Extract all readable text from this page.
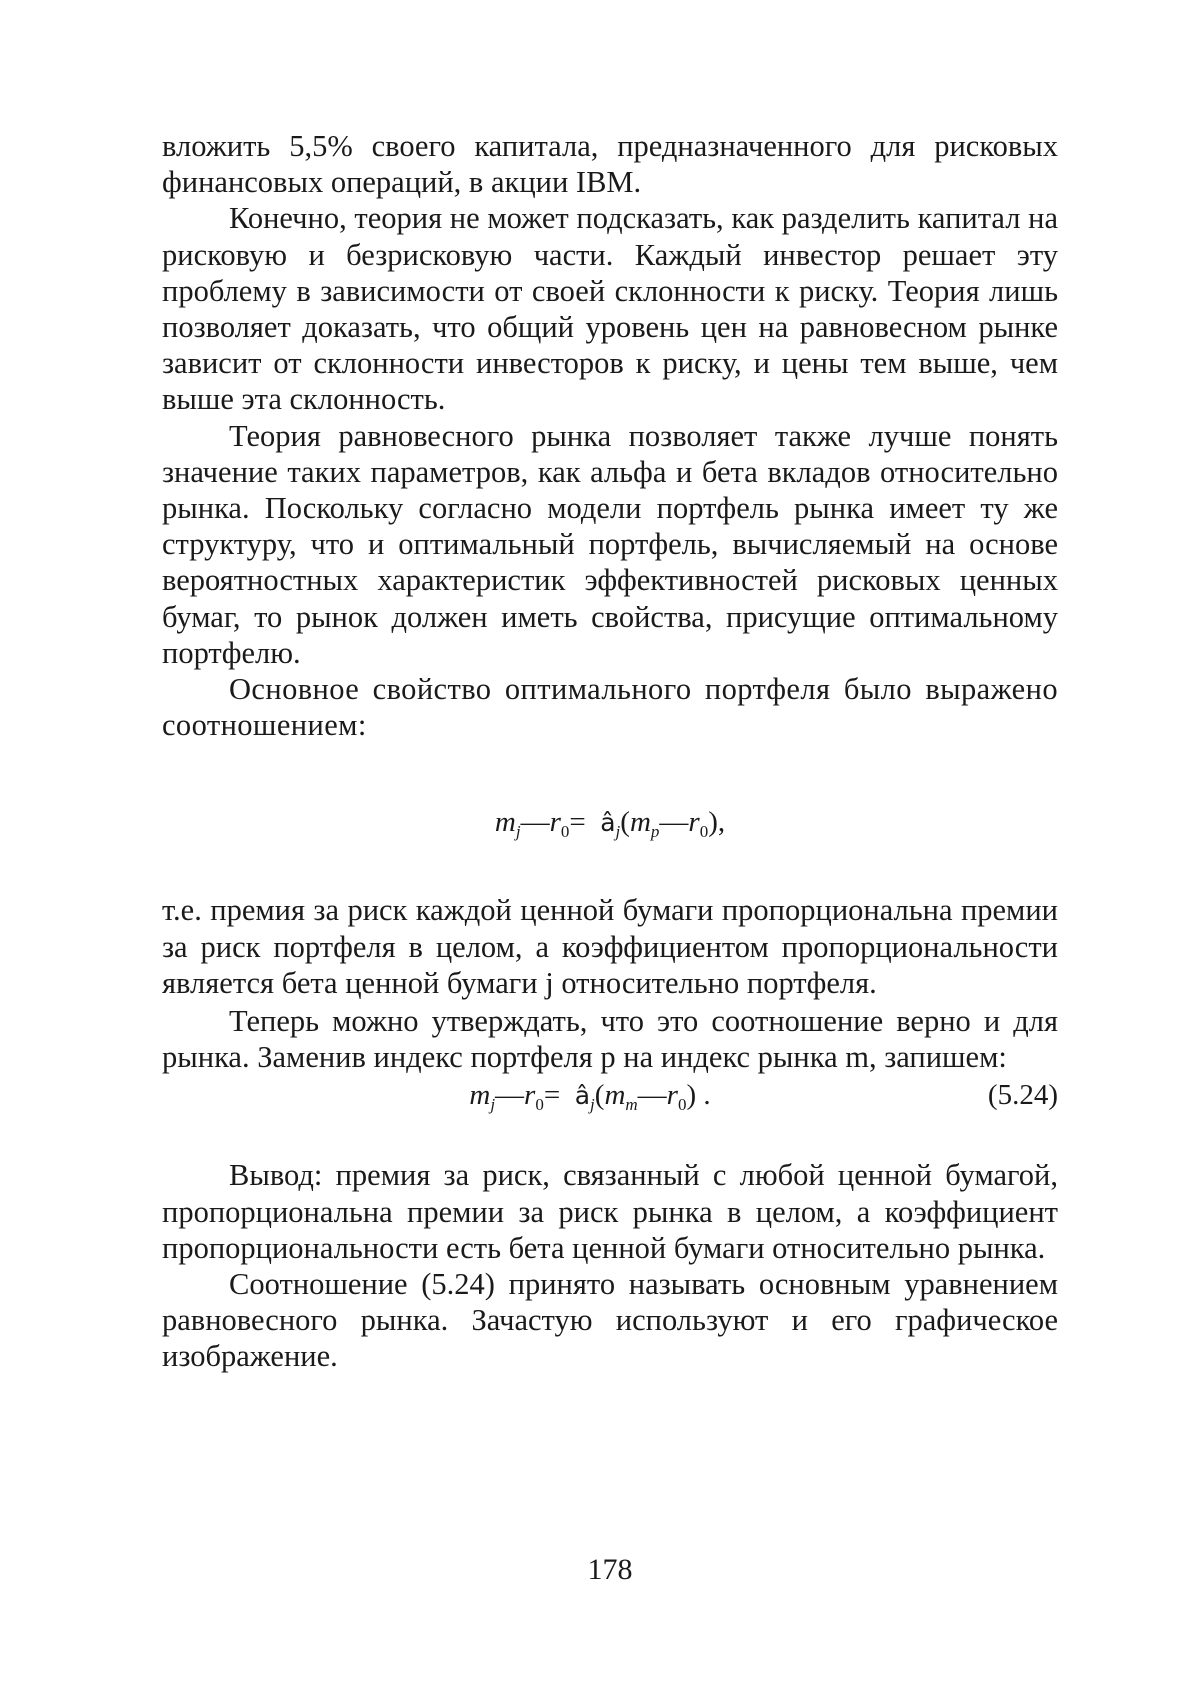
вложить 5,5% своего капитала, предназначенного для рисковых финансовых операций, в акции IBM.

Конечно, теория не может подсказать, как разделить капитал на рисковую и безрисковую части. Каждый инвестор решает эту проблему в зависимости от своей склонности к риску. Теория лишь позволяет доказать, что общий уровень цен на равновесном рынке зависит от склонности инвесторов к риску, и цены тем выше, чем выше эта склонность.

Теория равновесного рынка позволяет также лучше понять значение таких параметров, как альфа и бета вкладов относительно рынка. Поскольку согласно модели портфель рынка имеет ту же структуру, что и оптимальный портфель, вычисляемый на основе вероятностных характеристик эффективностей рисковых ценных бумаг, то рынок должен иметь свойства, присущие оптимальному портфелю.

Основное свойство оптимального портфеля было выражено соотношением:

$m_j—r_0=$ $â_j(m_p—r_0)$,

т.е. премия за риск каждой ценной бумаги пропорциональна премии за риск портфеля в целом, а коэффициентом пропорциональности является бета ценной бумаги j относительно портфеля.

Теперь можно утверждать, что это соотношение верно и для рынка. Заменив индекс портфеля р на индекс рынка m, запишем:

$m_j—r_0=$ $â_j(m_m—r_0)$ .	(5.24)

Вывод: премия за риск, связанный с любой ценной бумагой, пропорциональна премии за риск рынка в целом, а коэффициент пропорциональности есть бета ценной бумаги относительно рынка.

Соотношение (5.24) принято называть основным уравнением равновесного рынка. Зачастую используют и его графическое изображение.

178
